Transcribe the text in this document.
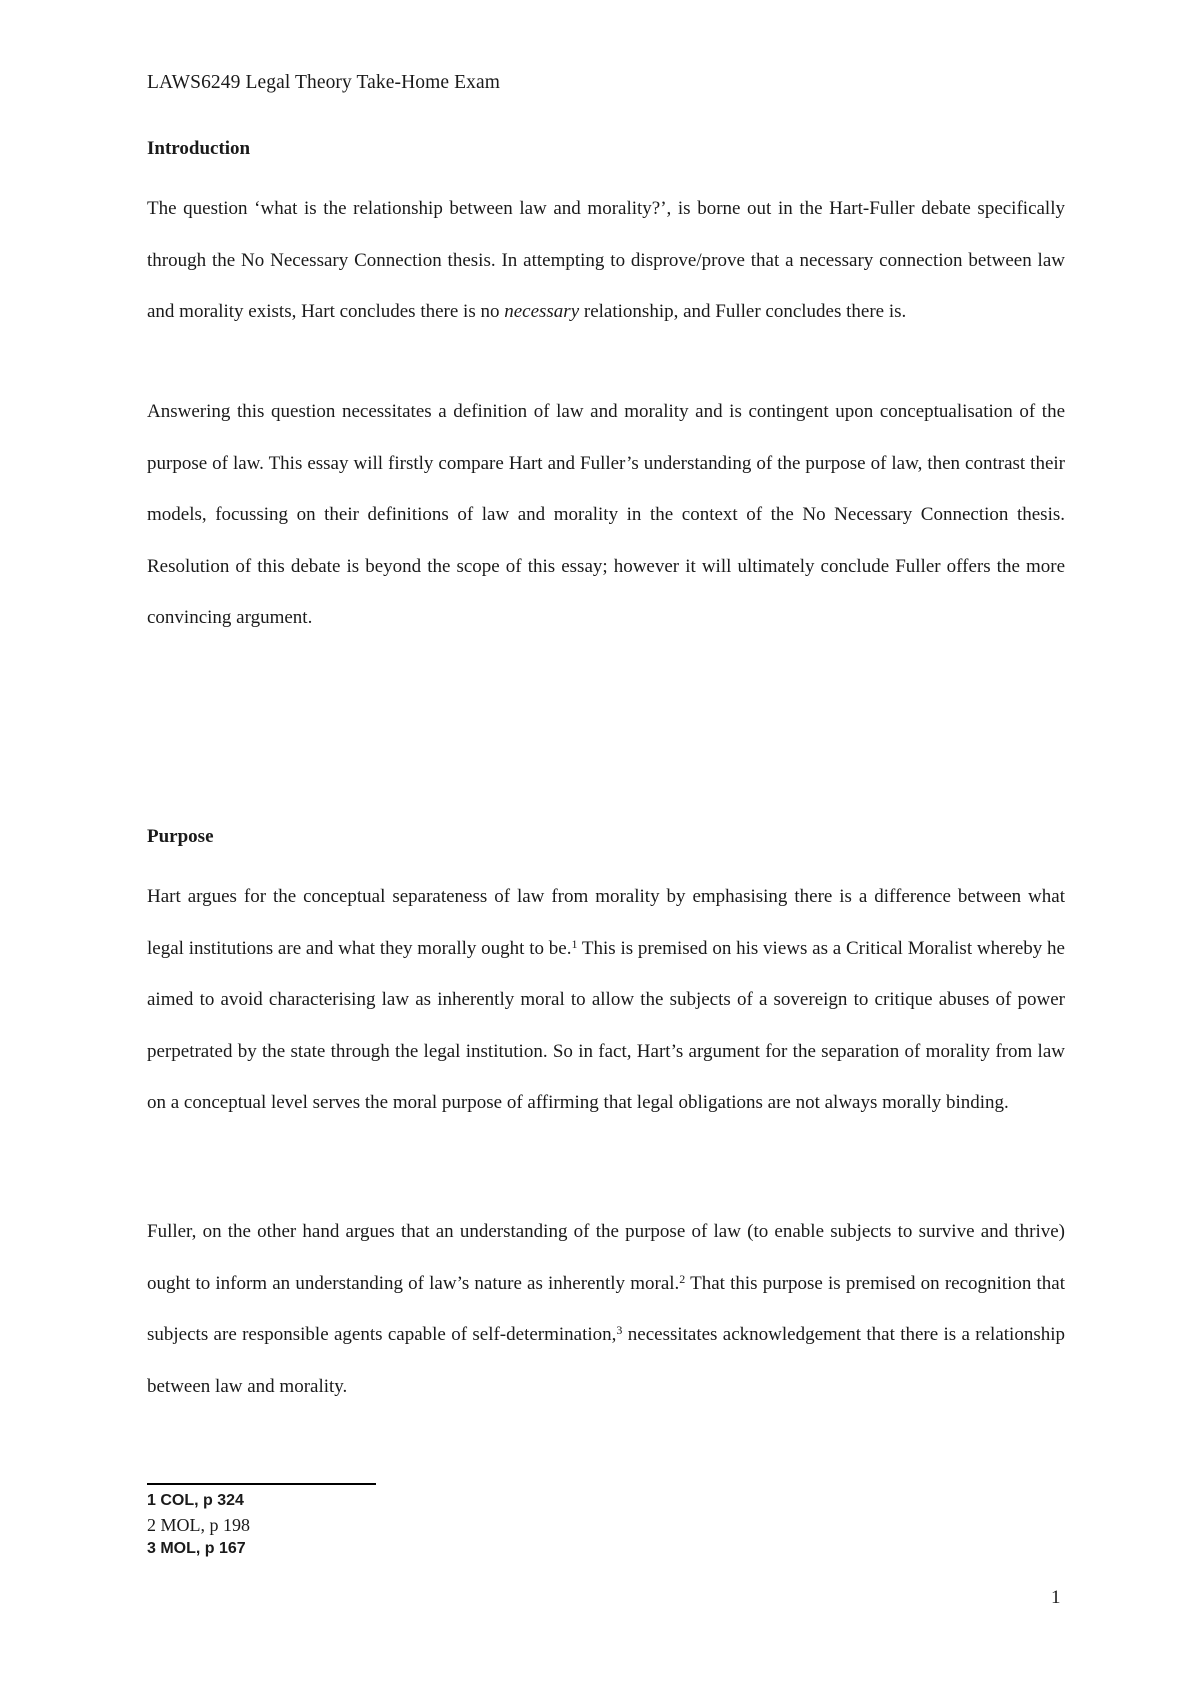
LAWS6249 Legal Theory Take-Home Exam
Introduction
The question ‘what is the relationship between law and morality?’, is borne out in the Hart-Fuller debate specifically through the No Necessary Connection thesis. In attempting to disprove/prove that a necessary connection between law and morality exists, Hart concludes there is no necessary relationship, and Fuller concludes there is.
Answering this question necessitates a definition of law and morality and is contingent upon conceptualisation of the purpose of law. This essay will firstly compare Hart and Fuller’s understanding of the purpose of law, then contrast their models, focussing on their definitions of law and morality in the context of the No Necessary Connection thesis. Resolution of this debate is beyond the scope of this essay; however it will ultimately conclude Fuller offers the more convincing argument.
Purpose
Hart argues for the conceptual separateness of law from morality by emphasising there is a difference between what legal institutions are and what they morally ought to be.$^1$ This is premised on his views as a Critical Moralist whereby he aimed to avoid characterising law as inherently moral to allow the subjects of a sovereign to critique abuses of power perpetrated by the state through the legal institution. So in fact, Hart’s argument for the separation of morality from law on a conceptual level serves the moral purpose of affirming that legal obligations are not always morally binding.
Fuller, on the other hand argues that an understanding of the purpose of law (to enable subjects to survive and thrive) ought to inform an understanding of law’s nature as inherently moral.$^2$ That this purpose is premised on recognition that subjects are responsible agents capable of self-determination,$^3$ necessitates acknowledgement that there is a relationship between law and morality.
1 COL, p 324
2 MOL, p 198
3 MOL, p 167
1
